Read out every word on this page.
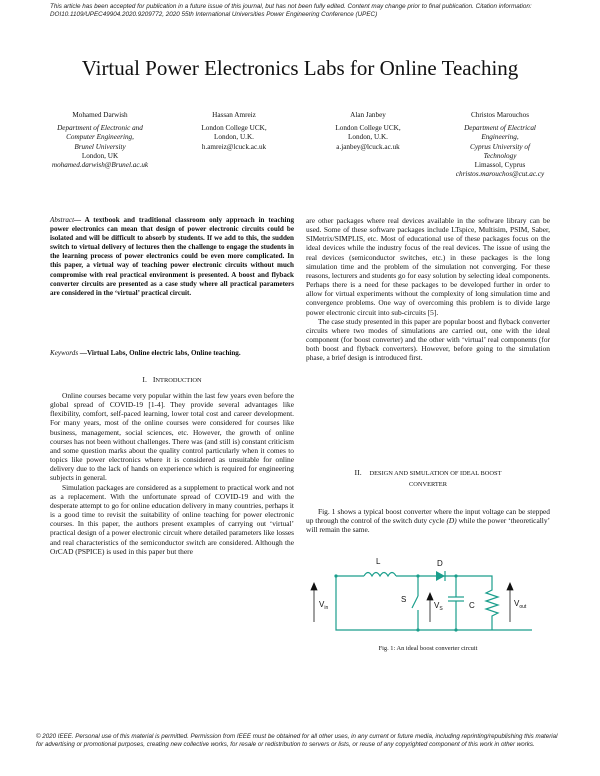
This article has been accepted for publication in a future issue of this journal, but has not been fully edited. Content may change prior to final publication. Citation information: DOI10.1109/UPEC49904.2020.9209772, 2020 55th International Universities Power Engineering Conference (UPEC)
Virtual Power Electronics Labs for Online Teaching
Mohamed Darwish
Department of Electronic and
Computer Engineering,
Brunel University
London, UK
mohamed.darwish@Brunel.ac.uk
Hassan Amreiz
London College UCK,
London, U.K.
h.amreiz@lcuck.ac.uk
Alan Janbey
London College UCK,
London, U.K.
a.janbey@lcuck.ac.uk
Christos Marouchos
Department of Electrical
Engineering,
Cyprus University of
Technology
Limassol, Cyprus
christos.marouchos@cut.ac.cy

Abstract— A textbook and traditional classroom only approach in teaching power electronics can mean that design of power electronic circuits could be isolated and will be difficult to absorb by students. If we add to this, the sudden switch to virtual delivery of lectures then the challenge to engage the students in the learning process of power electronics could be even more complicated. In this paper, a virtual way of teaching power electronic circuits without much compromise with real practical environment is presented. A boost and flyback converter circuits are presented as a case study where all practical parameters are considered in the ‘virtual’ practical circuit.

Keywords —Virtual Labs, Online electric labs, Online teaching.
I. INTRODUCTION

Online courses became very popular within the last few years even before the global spread of COVID-19 [1-4]. They provide several advantages like flexibility, comfort, self-paced learning, lower total cost and career development. For many years, most of the online courses were considered for courses like business, management, social sciences, etc. However, the growth of online courses has not been without challenges. There was (and still is) constant criticism and some question marks about the quality control particularly when it comes to topics like power electronics where it is considered as unsuitable for online delivery due to the lack of hands on experience which is required for engineering subjects in general.

Simulation packages are considered as a supplement to practical work and not as a replacement. With the unfortunate spread of COVID-19 and with the desperate attempt to go for online education delivery in many countries, perhaps it is a good time to revisit the suitability of online teaching for power electronic courses. In this paper, the authors present examples of carrying out ‘virtual’ practical design of a power electronic circuit where detailed parameters like losses and real characteristics of the semiconductor switch are considered. Although the OrCAD (PSPICE) is used in this paper but there

are other packages where real devices available in the software library can be used. Some of these software packages include LTspice, Multisim, PSIM, Saber, SIMetrix/SIMPLIS, etc. Most of educational use of these packages focus on the ideal devices while the industry focus of the real devices. The issue of using the real devices (semiconductor switches, etc.) in these packages is the long simulation time and the problem of the simulation not converging. For these reasons, lecturers and students go for easy solution by selecting ideal components. Perhaps there is a need for these packages to be developed further in order to allow for virtual experiments without the complexity of long simulation time and convergence problems. One way of overcoming this problem is to divide large power electronic circuit into sub-circuits [5].

The case study presented in this paper are popular boost and flyback converter circuits where two modes of simulations are carried out, one with the ideal component (for boost converter) and the other with ‘virtual’ real components (for both boost and flyback converters). However, before going to the simulation phase, a brief design is introduced first.

II. DESIGN AND SIMULATION OF IDEAL BOOST
CONVERTER

Fig. 1 shows a typical boost converter where the input voltage can be stepped up through the control of the switch duty cycle (D) while the power ‘theoretically’ will remain the same.

L	D
S
C
$V_{in}$	$V_S$
$V_{out}$
Fig. 1: An ideal boost converter circuit
© 2020 IEEE. Personal use of this material is permitted. Permission from IEEE must be obtained for all other uses, in any current or future media, including reprinting/republishing this material for advertising or promotional purposes, creating new collective works, for resale or redistribution to servers or lists, or reuse of any copyrighted component of this work in other works.
